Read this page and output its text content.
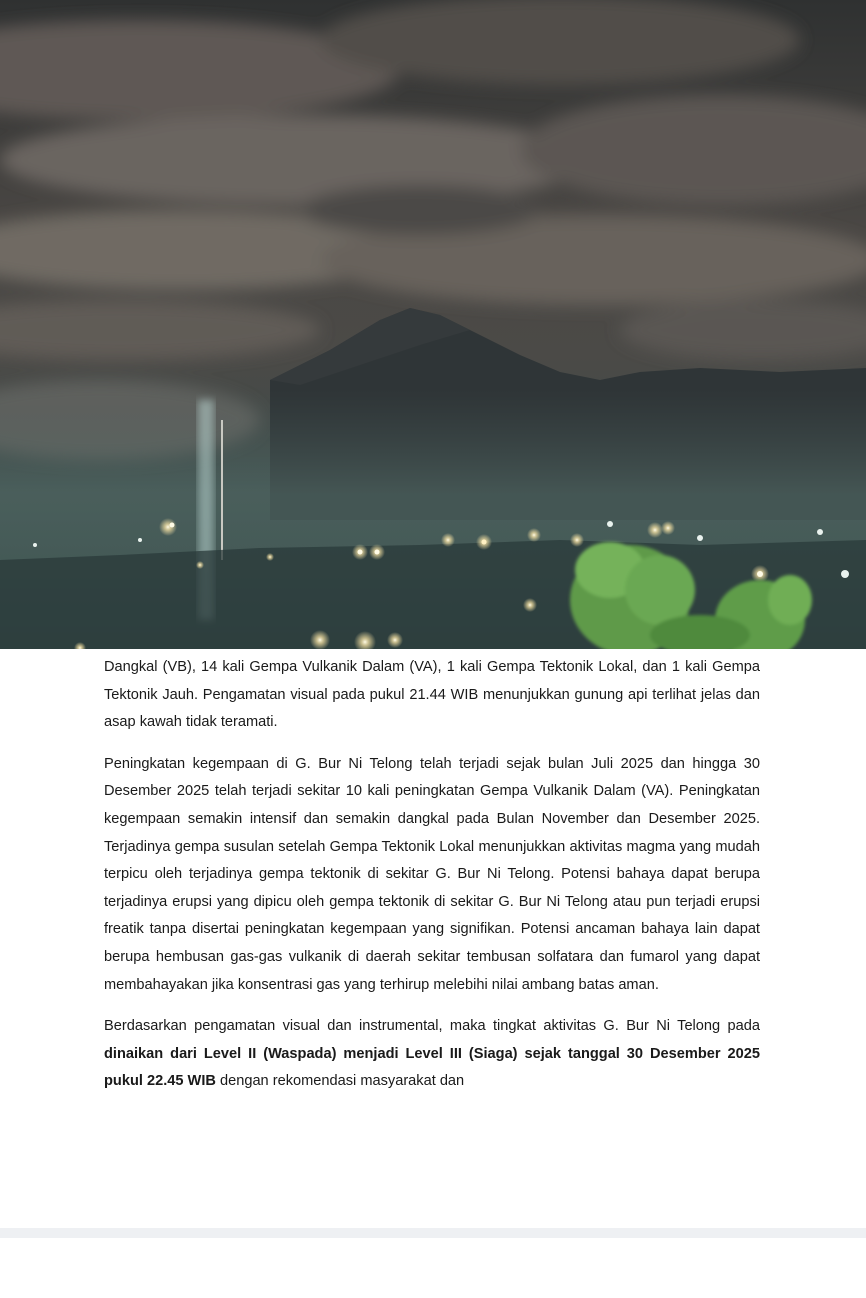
Dangkal (VB), 14 kali Gempa Vulkanik Dalam (VA), 1 kali Gempa Tektonik Lokal, dan 1 kali Gempa Tektonik Jauh. Pengamatan visual pada pukul 21.44 WIB menunjukkan gunung api terlihat jelas dan asap kawah tidak teramati.

Peningkatan kegempaan di G. Bur Ni Telong telah terjadi sejak bulan Juli 2025 dan hingga 30 Desember 2025 telah terjadi sekitar 10 kali peningkatan Gempa Vulkanik Dalam (VA). Peningkatan kegempaan semakin intensif dan semakin dangkal pada Bulan November dan Desember 2025. Terjadinya gempa susulan setelah Gempa Tektonik Lokal menunjukkan aktivitas magma yang mudah terpicu oleh terjadinya gempa tektonik di sekitar G. Bur Ni Telong. Potensi bahaya dapat berupa terjadinya erupsi yang dipicu oleh gempa tektonik di sekitar G. Bur Ni Telong atau pun terjadi erupsi freatik tanpa disertai peningkatan kegempaan yang signifikan. Potensi ancaman bahaya lain dapat berupa hembusan gas-gas vulkanik di daerah sekitar tembusan solfatara dan fumarol yang dapat membahayakan jika konsentrasi gas yang terhirup melebihi nilai ambang batas aman.

Berdasarkan pengamatan visual dan instrumental, maka tingkat aktivitas G. Bur Ni Telong pada dinaikan dari Level II (Waspada) menjadi Level III (Siaga) sejak tanggal 30 Desember 2025 pukul 22.45 WIB dengan rekomendasi masyarakat dan
